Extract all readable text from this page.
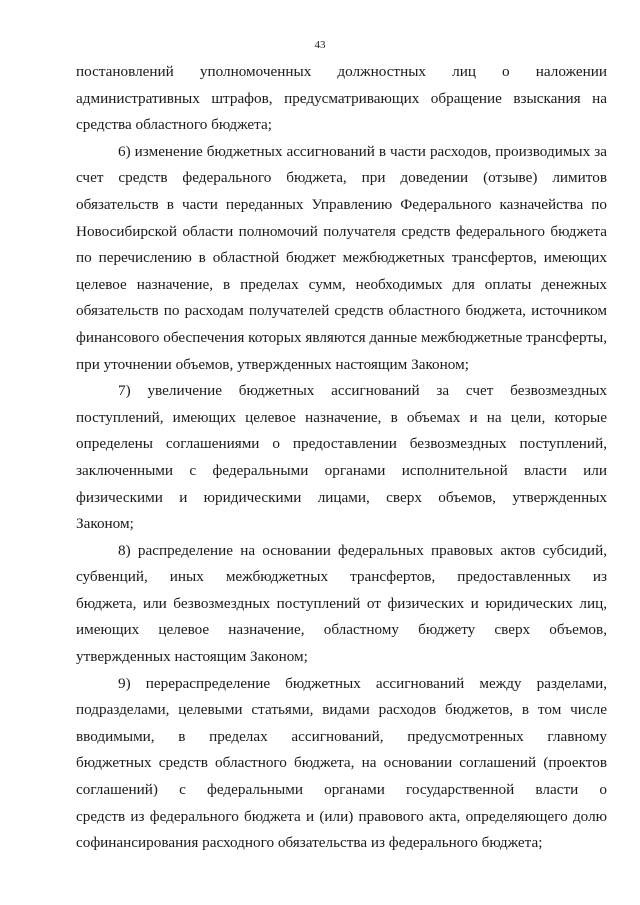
43
постановлений уполномоченных должностных лиц о наложении
административных штрафов, предусматривающих обращение взыскания на
средства областного бюджета;
6) изменение бюджетных ассигнований в части расходов, производимых за
счет средств федерального бюджета, при доведении (отзыве) лимитов
обязательств в части переданных Управлению Федерального казначейства по
Новосибирской области полномочий получателя средств федерального бюджета
по перечислению в областной бюджет межбюджетных трансфертов, имеющих
целевое назначение, в пределах сумм, необходимых для оплаты денежных
обязательств по расходам получателей средств областного бюджета, источником
финансового обеспечения которых являются данные межбюджетные трансферты,
при уточнении объемов, утвержденных настоящим Законом;
7) увеличение бюджетных ассигнований за счет безвозмездных
поступлений, имеющих целевое назначение, в объемах и на цели, которые
определены соглашениями о предоставлении безвозмездных поступлений,
заключенными с федеральными органами исполнительной власти или
физическими и юридическими лицами, сверх объемов, утвержденных
Законом;
8) распределение на основании федеральных правовых актов субсидий,
субвенций, иных межбюджетных трансфертов, предоставленных из
бюджета, или безвозмездных поступлений от физических и юридических лиц,
имеющих целевое назначение, областному бюджету сверх объемов,
утвержденных настоящим Законом;
9) перераспределение бюджетных ассигнований между разделами,
подразделами, целевыми статьями, видами расходов бюджетов, в том числе
вводимыми, в пределах ассигнований, предусмотренных главному
бюджетных средств областного бюджета, на основании соглашений (проектов
соглашений) с федеральными органами государственной власти о
средств из федерального бюджета и (или) правового акта, определяющего долю
софинансирования расходного обязательства из федерального бюджета;
